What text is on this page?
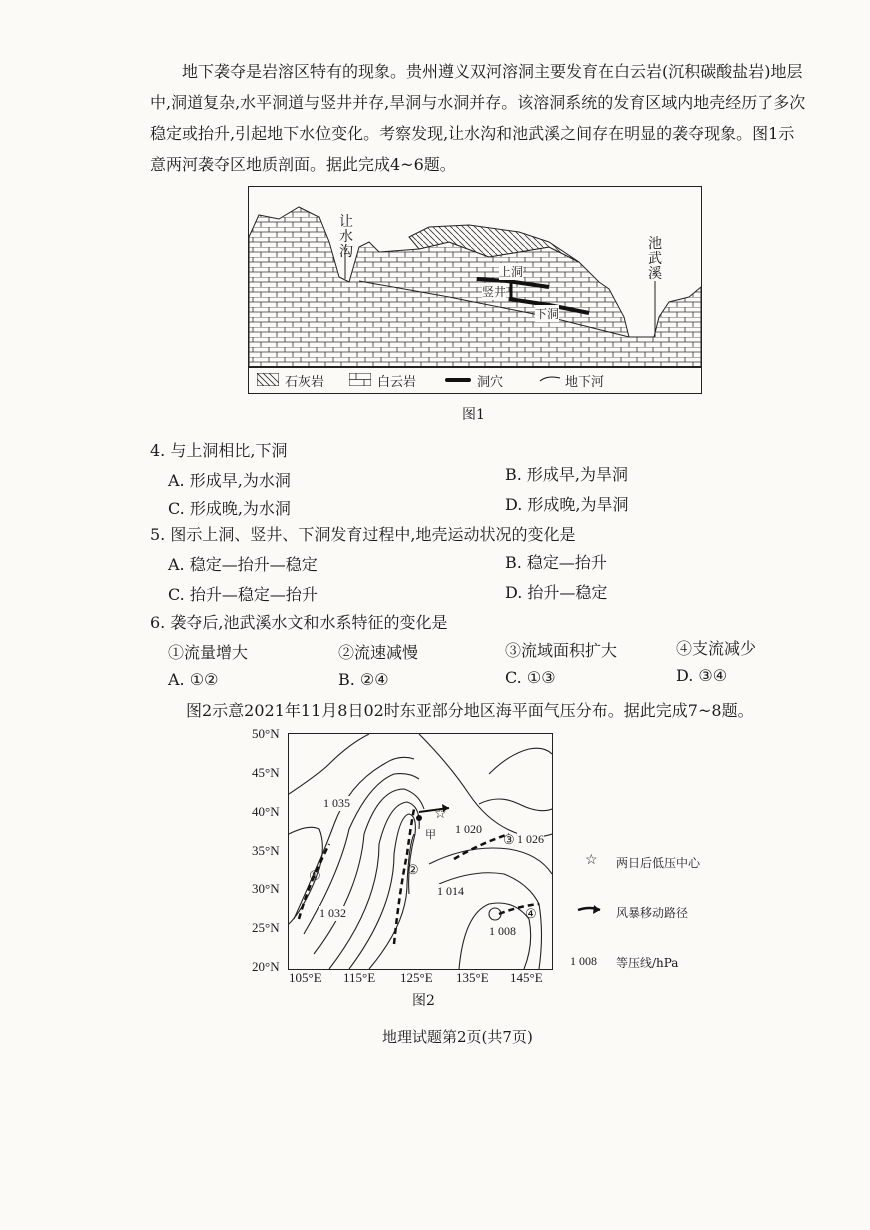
地下袭夺是岩溶区特有的现象。贵州遵义双河溶洞主要发育在白云岩(沉积碳酸盐岩)地层中,洞道复杂,水平洞道与竖井并存,旱洞与水洞并存。该溶洞系统的发育区域内地壳经历了多次稳定或抬升,引起地下水位变化。考察发现,让水沟和池武溪之间存在明显的袭夺现象。图1示意两河袭夺区地质剖面。据此完成4~6题。
让
水
沟	池
武
溪
上洞
竖井
下洞
石灰岩	白云岩	洞穴	地下河
图1
4. 与上洞相比,下洞
A. 形成早,为水洞	B. 形成早,为旱洞
C. 形成晚,为水洞	D. 形成晚,为旱洞
5. 图示上洞、竖井、下洞发育过程中,地壳运动状况的变化是
A. 稳定—抬升—稳定	B. 稳定—抬升
C. 抬升—稳定—抬升	D. 抬升—稳定
6. 袭夺后,池武溪水文和水系特征的变化是
①流量增大	②流速减慢	③流域面积扩大	④支流减少
A. ①②	B. ②④	C. ①③	D. ③④
图2示意2021年11月8日02时东亚部分地区海平面气压分布。据此完成7~8题。
50°N
45°N
40°N
35°N
30°N
25°N
20°N
105°E 115°E 125°E 135°E 145°E
☆
1 035
1 020
1 026
1 032
1 014
1 008
①	②
③
④
甲
☆ 两日后低压中心
风暴移动路径
1 008 等压线/hPa
图2
地理试题第2页(共7页)
